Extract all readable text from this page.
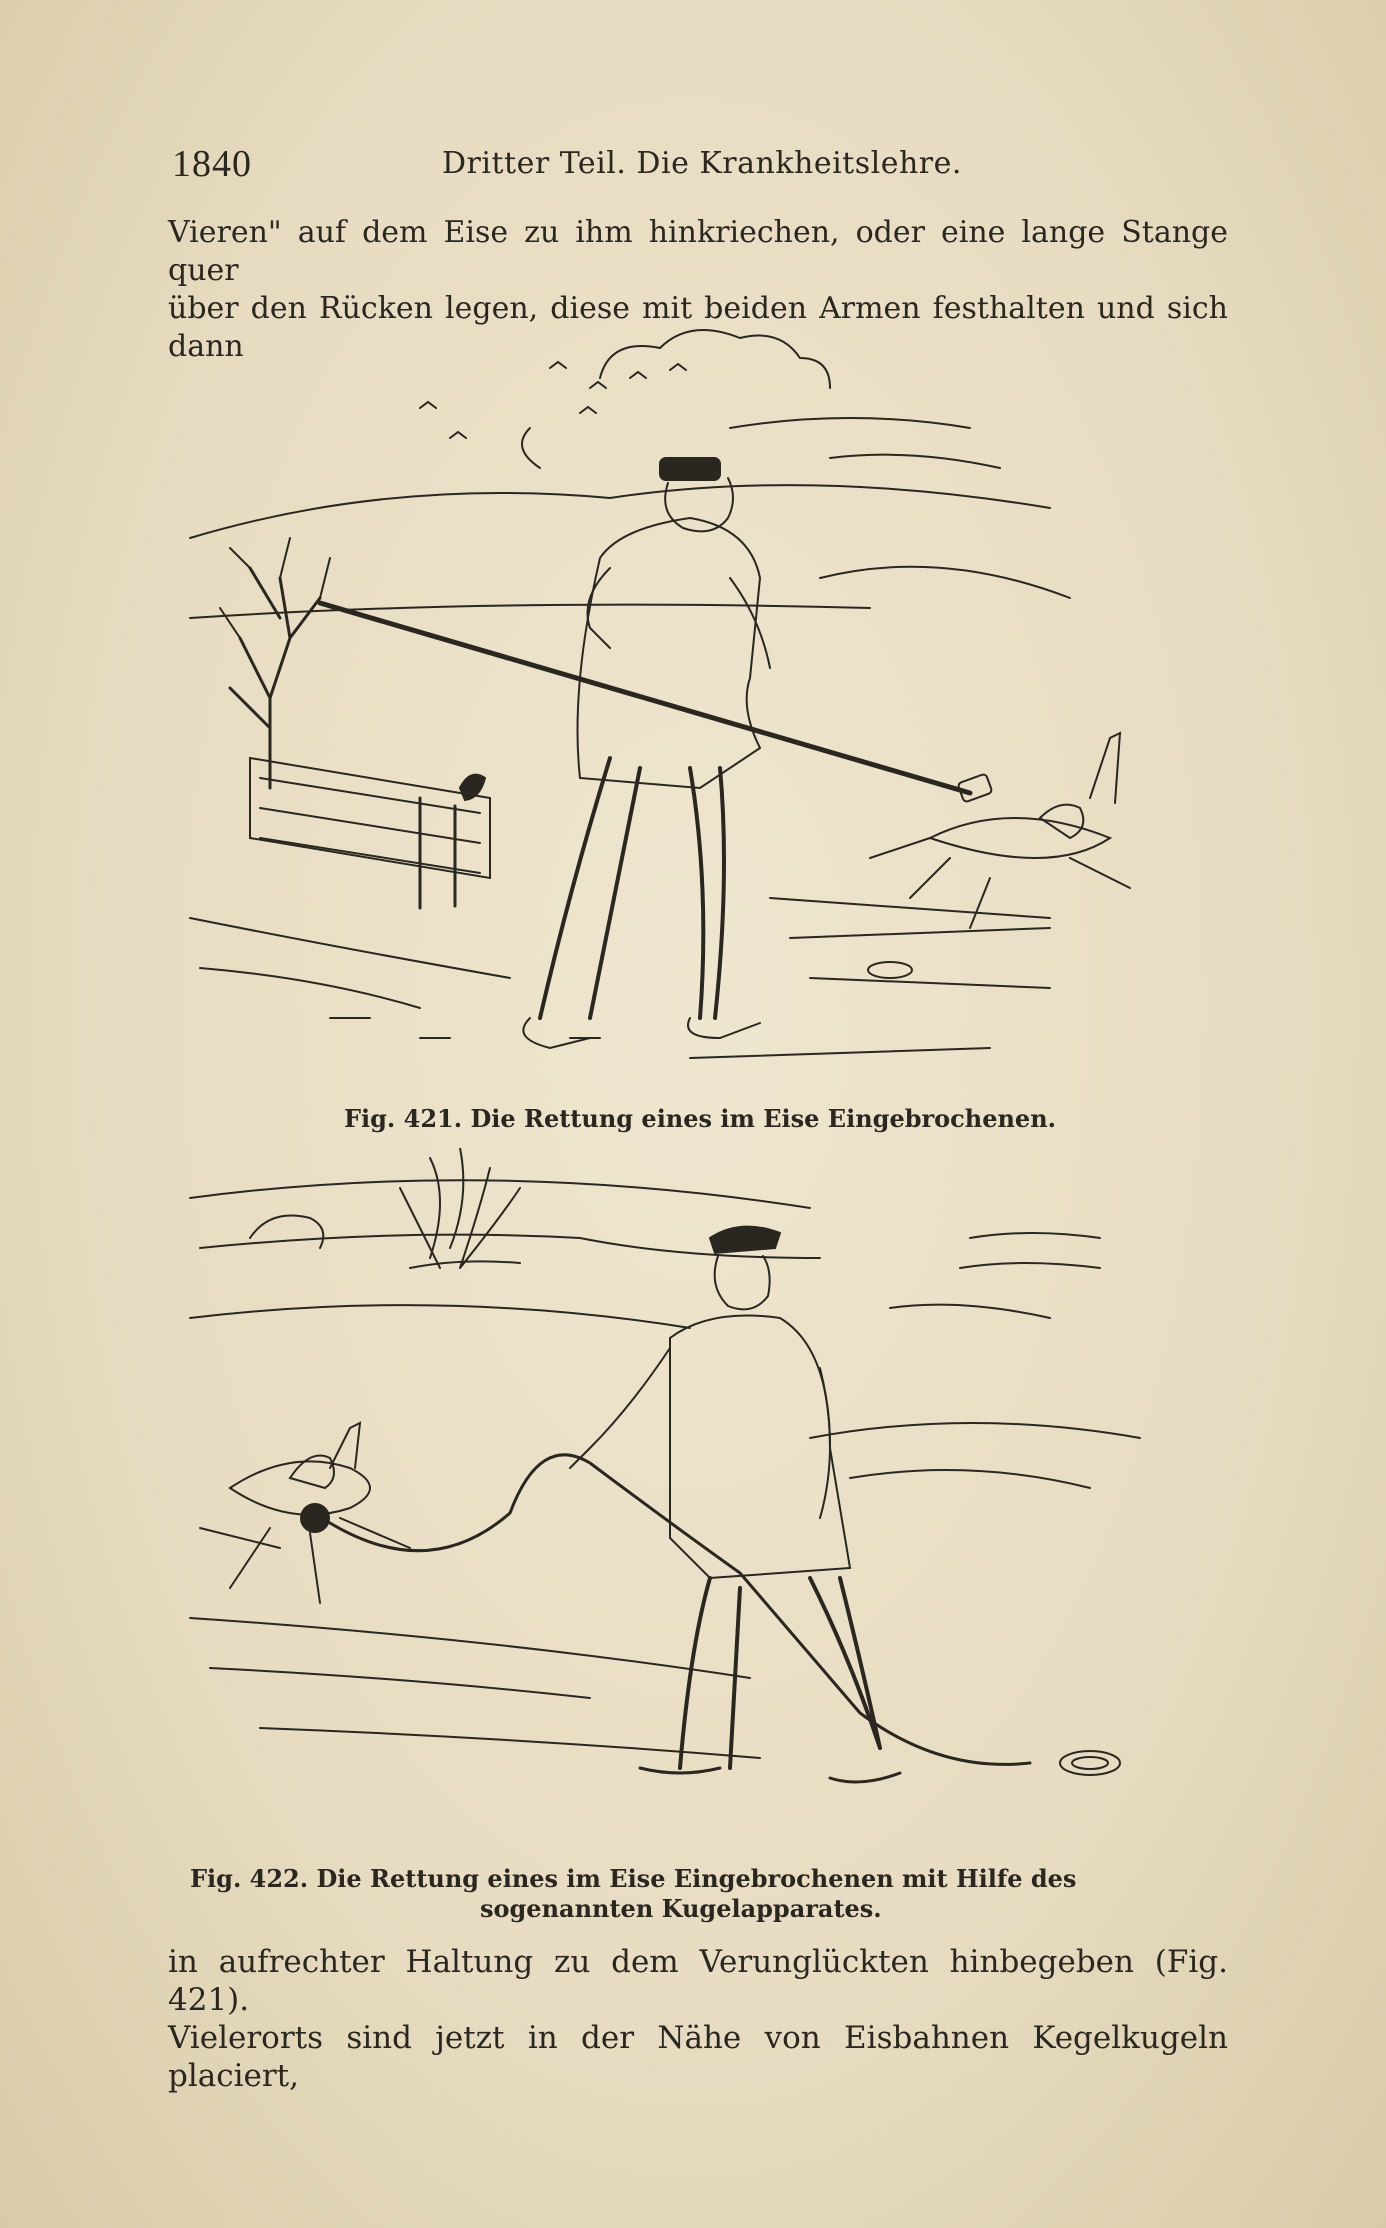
1840	Dritter Teil. Die Krankheitslehre.

Vieren" auf dem Eise zu ihm hinkriechen, oder eine lange Stange quer

über den Rücken legen, diese mit beiden Armen festhalten und sich dann

Fig. 421. Die Rettung eines im Eise Eingebrochenen.
Fig. 422. Die Rettung eines im Eise Eingebrochenen mit Hilfe des
sogenannten Kugelapparates.

in aufrechter Haltung zu dem Verunglückten hinbegeben (Fig. 421).

Vielerorts sind jetzt in der Nähe von Eisbahnen Kegelkugeln placiert,
